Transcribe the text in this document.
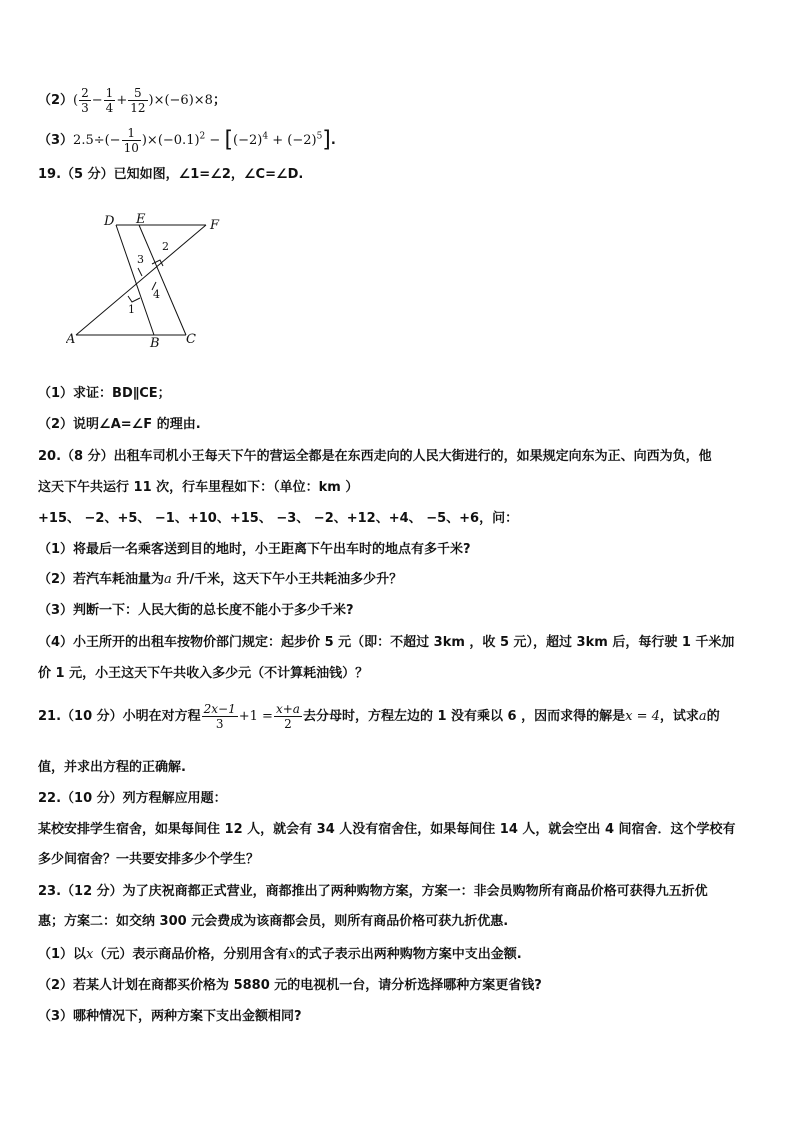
$(2)( \frac{2}{3} - \frac{1}{4} + \frac{5}{12} )\times(-6)\times 8$；
$(3)2.5\div(- \frac{1}{10} )\times(-0.1)^2 - [(-2)^4 + (-2)^5]$.
19.（5 分）已知如图，∠1=∠2，∠C=∠D.
D E	F
A	B C
1
2
3
4
（1）求证：BD∥CE；
（2）说明∠A=∠F 的理由.
20.（8 分）出租车司机小王每天下午的营运全都是在东西走向的人民大街进行的，如果规定向东为正、向西为负，他
这天下午共运行 11 次，行车里程如下：（单位：km ）
+15、 −2、+5、 −1、+10、+15、 −3、 −2、+12、+4、 −5、+6，问：
（1）将最后一名乘客送到目的地时，小王距离下午出车时的地点有多千米?
（2）若汽车耗油量为a 升/千米，这天下午小王共耗油多少升？
（3）判断一下：人民大街的总长度不能小于多少千米?
（4）小王所开的出租车按物价部门规定：起步价 5 元（即：不超过 3km ，收 5 元），超过 3km 后，每行驶 1 千米加
价 1 元，小王这天下午共收入多少元（不计算耗油钱）？
21.（10 分）小明在对方程 $\frac{2x-1}{3} +1 = \frac{x+a}{2}$ 去分母时，方程左边的 1 没有乘以 6 ，因而求得的解是x = 4，试求a的
值，并求出方程的正确解.
22.（10 分）列方程解应用题：
某校安排学生宿舍，如果每间住 12 人，就会有 34 人没有宿舍住，如果每间住 14 人，就会空出 4 间宿舍．这个学校有
多少间宿舍？一共要安排多少个学生？
23.（12 分）为了庆祝商都正式营业，商都推出了两种购物方案，方案一：非会员购物所有商品价格可获得九五折优
惠；方案二：如交纳 300 元会费成为该商都会员，则所有商品价格可获九折优惠.
（1）以x（元）表示商品价格，分别用含有x的式子表示出两种购物方案中支出金额.
（2）若某人计划在商都买价格为 5880 元的电视机一台，请分析选择哪种方案更省钱?
（3）哪种情况下，两种方案下支出金额相同?
